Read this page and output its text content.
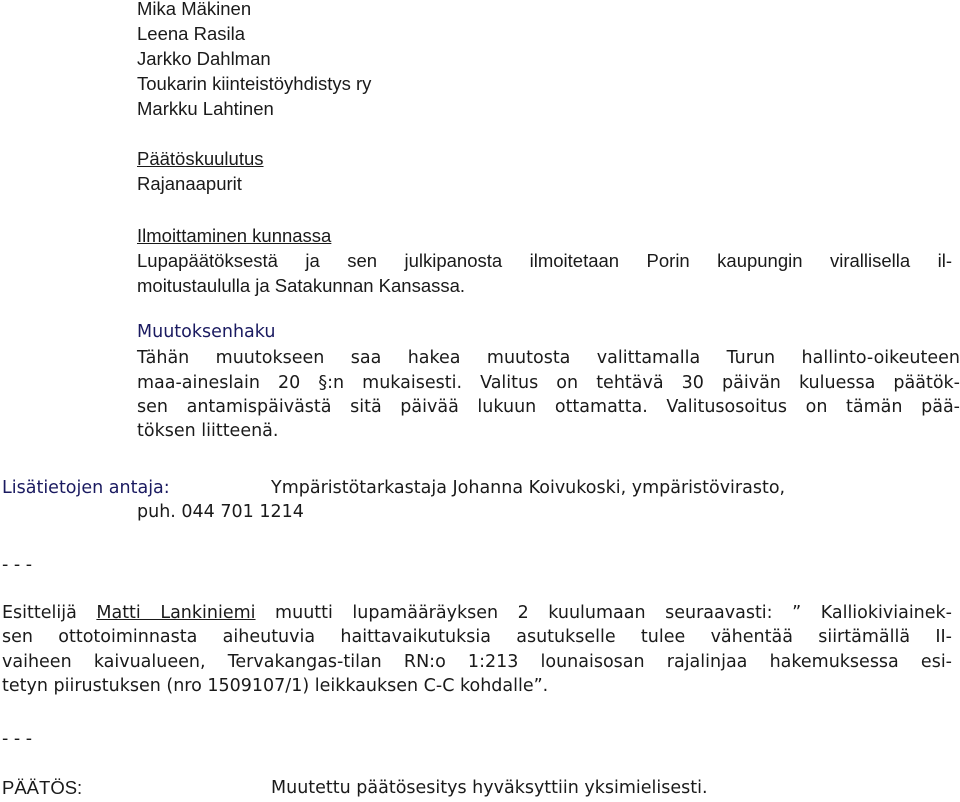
Mika Mäkinen
Leena Rasila
Jarkko Dahlman
Toukarin kiinteistöyhdistys ry
Markku Lahtinen
Päätöskuulutus
Rajanaapurit
Ilmoittaminen kunnassa
Lupapäätöksestä ja sen julkipanosta ilmoitetaan Porin kaupungin virallisella il-
moitustaululla ja Satakunnan Kansassa.
Muutoksenhaku
Tähän muutokseen saa hakea muutosta valittamalla Turun hallinto-oikeuteen
maa-aineslain 20 §:n mukaisesti. Valitus on tehtävä 30 päivän kuluessa päätök-
sen antamispäivästä sitä päivää lukuun ottamatta. Valitusosoitus on tämän pää-
töksen liitteenä.
Lisätietojen antaja:	Ympäristötarkastaja Johanna Koivukoski, ympäristövirasto,
puh. 044 701 1214
- - -
Esittelijä Matti Lankiniemi muutti lupamääräyksen 2 kuulumaan seuraavasti: ” Kalliokiviainek-
sen ottotoiminnasta aiheutuvia haittavaikutuksia asutukselle tulee vähentää siirtämällä II-
vaiheen kaivualueen, Tervakangas-tilan RN:o 1:213 lounaisosan rajalinjaa hakemuksessa esi-
tetyn piirustuksen (nro 1509107/1) leikkauksen C-C kohdalle”.
- - -
PÄÄTÖS:	Muutettu päätösesitys hyväksyttiin yksimielisesti.
